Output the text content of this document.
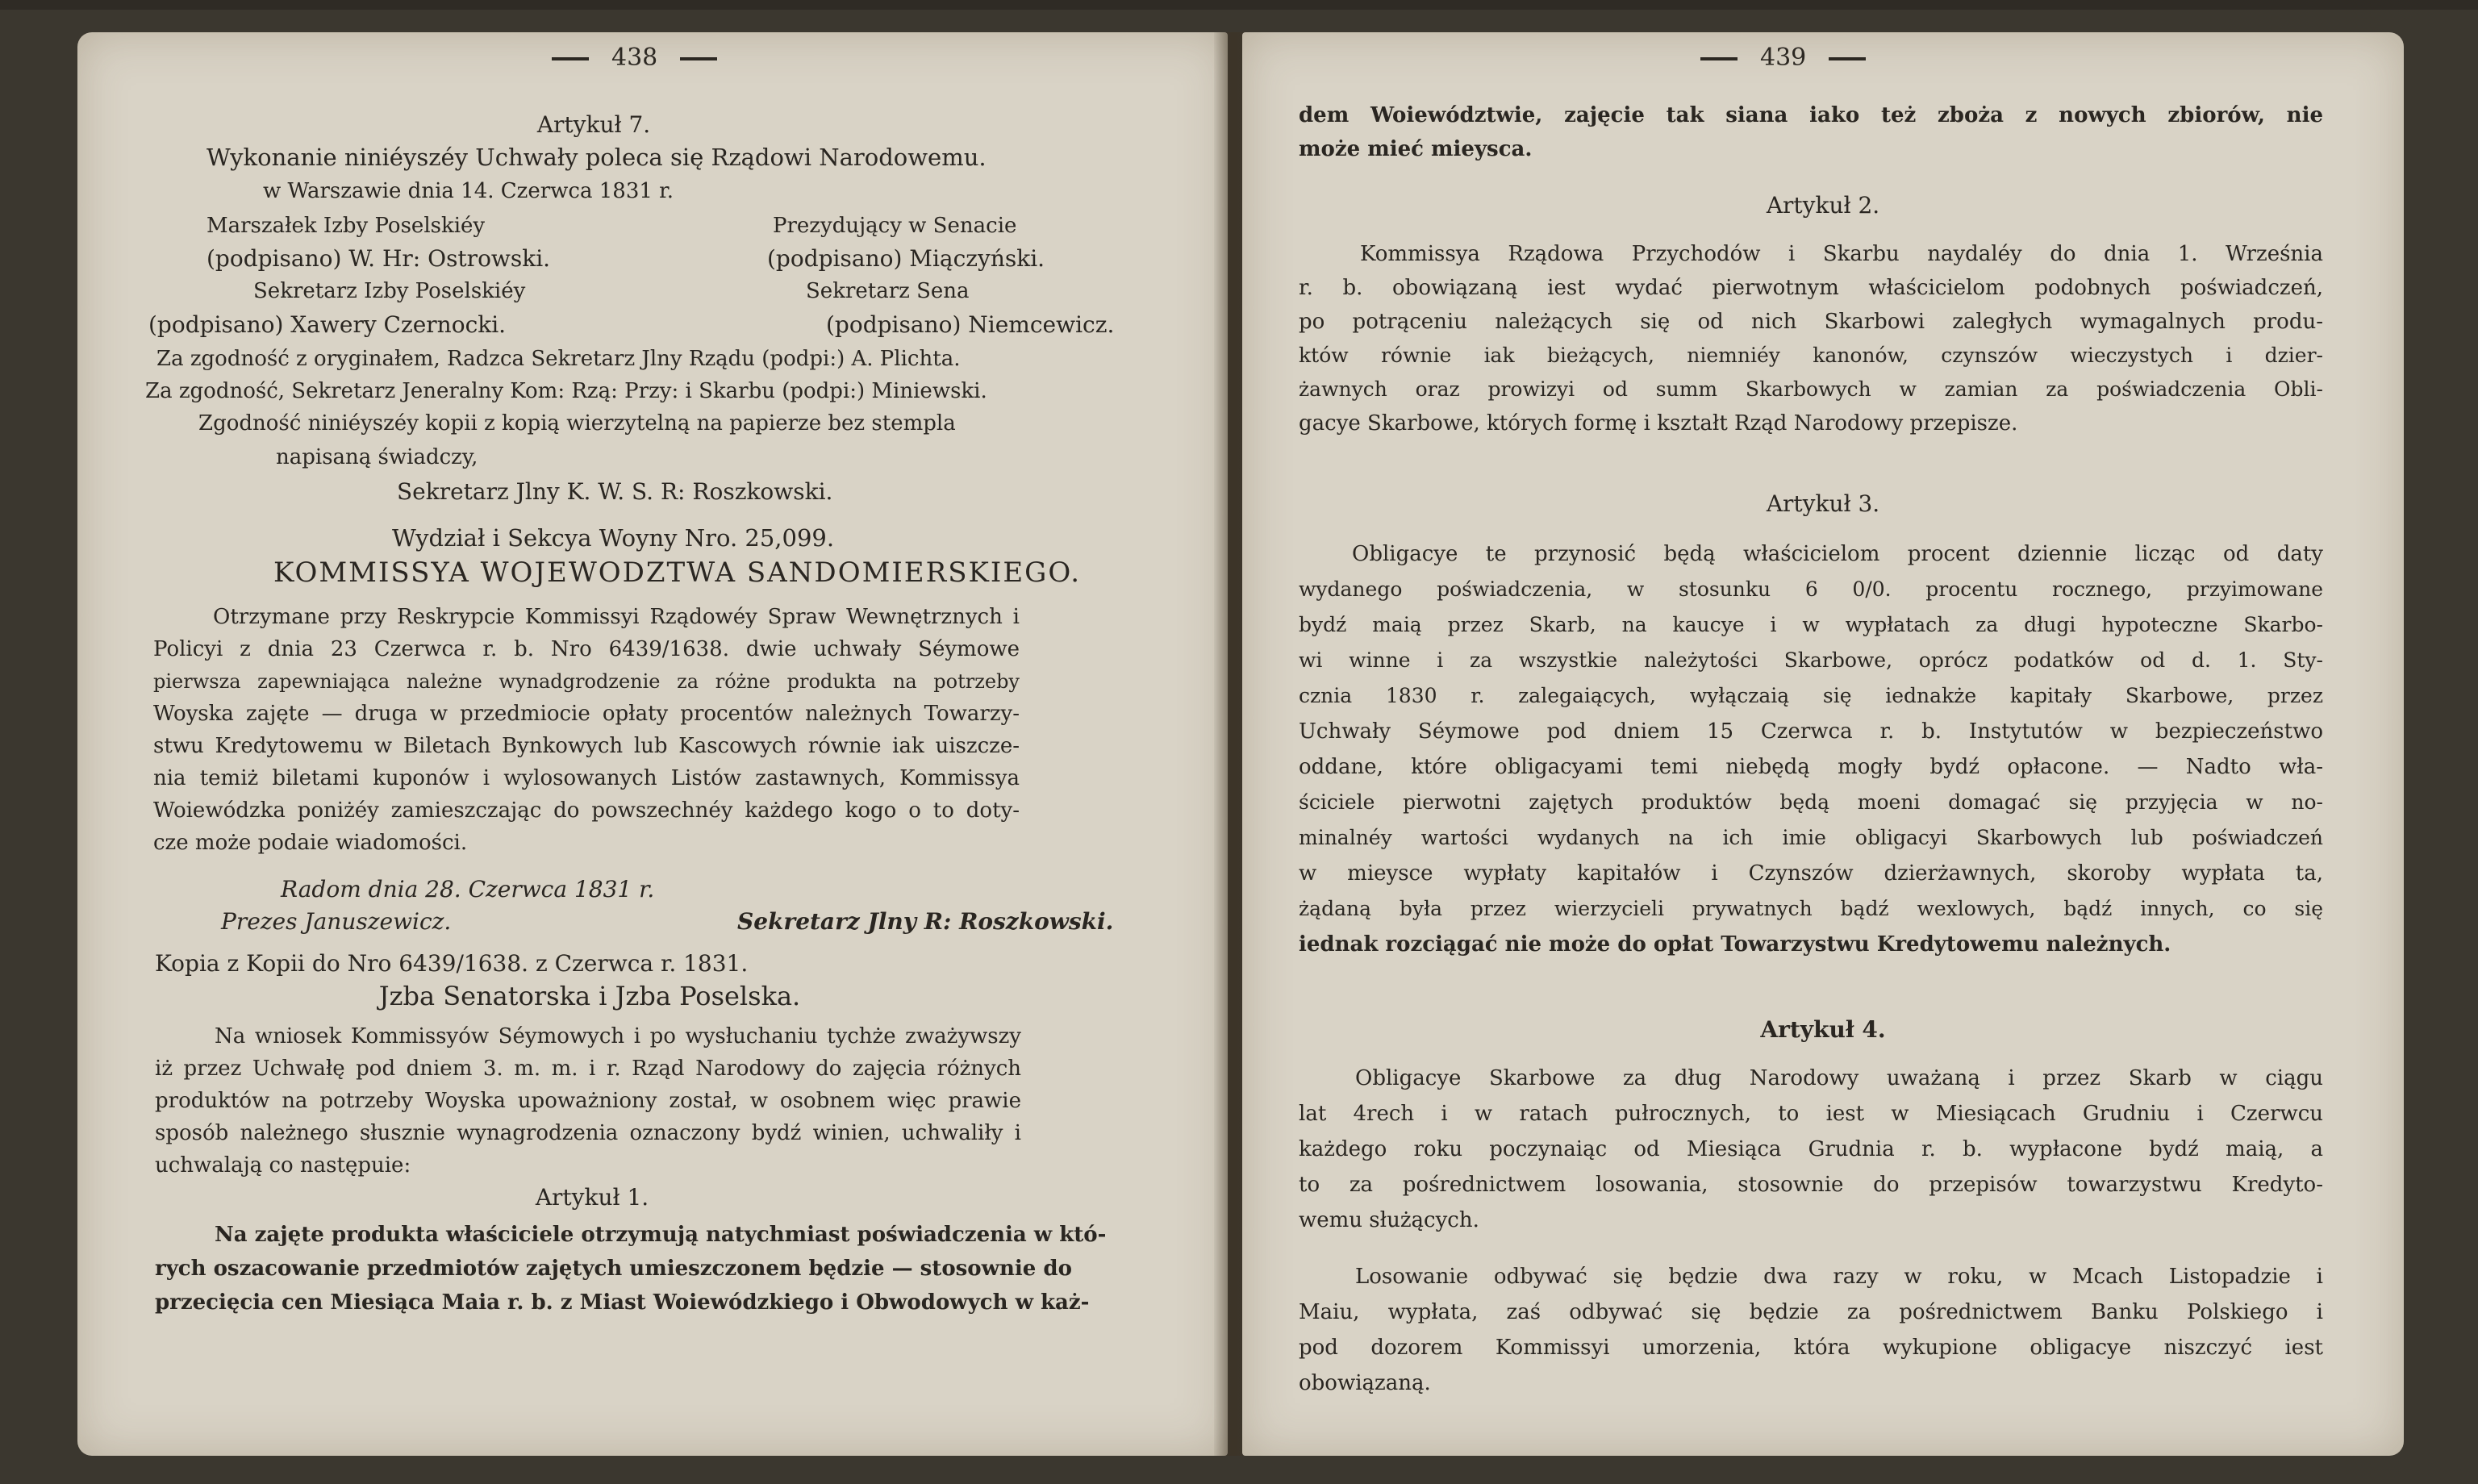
438
Artykuł 7.
Wykonanie niniéyszéy Uchwały poleca się Rządowi Narodowemu.
w Warszawie dnia 14. Czerwca 1831 r.
Marszałek Izby Poselskiéy	Prezydujący w Senacie
(podpisano) W. Hr: Ostrowski.	(podpisano) Miączyński.
Sekretarz Izby Poselskiéy	Sekretarz Sena
(podpisano) Xawery Czernocki.	(podpisano) Niemcewicz.
Za zgodność z oryginałem, Radzca Sekretarz Jlny Rządu (podpi:) A. Plichta.
Za zgodność, Sekretarz Jeneralny Kom: Rzą: Przy: i Skarbu (podpi:) Miniewski.
Zgodność niniéyszéy kopii z kopią wierzytelną na papierze bez stempla
napisaną świadczy,
Sekretarz Jlny K. W. S. R: Roszkowski.
Wydział i Sekcya Woyny Nro. 25,099.
KOMMISSYA WOJEWODZTWA SANDOMIERSKIEGO.
Otrzymane przy Reskrypcie Kommissyi Rządowéy Spraw Wewnętrznych i
Policyi z dnia 23 Czerwca r. b. Nro 6439/1638. dwie uchwały Séymowe
pierwsza zapewniająca należne wynadgrodzenie za różne produkta na potrzeby
Woyska zajęte — druga w przedmiocie opłaty procentów należnych Towarzy-
stwu Kredytowemu w Biletach Bynkowych lub Kascowych równie iak uiszcze-
nia temiż biletami kuponów i wylosowanych Listów zastawnych, Kommissya
Woiewódzka poniżéy zamieszczając do powszechnéy każdego kogo o to doty-
cze może podaie wiadomości.
Radom dnia 28. Czerwca 1831 r.
Prezes Januszewicz.	Sekretarz Jlny R: Roszkowski.
Kopia z Kopii do Nro 6439/1638. z Czerwca r. 1831.
Jzba Senatorska i Jzba Poselska.
Na wniosek Kommissyów Séymowych i po wysłuchaniu tychże zważywszy
iż przez Uchwałę pod dniem 3. m. m. i r. Rząd Narodowy do zajęcia różnych
produktów na potrzeby Woyska upoważniony został, w osobnem więc prawie
sposób należnego słusznie wynagrodzenia oznaczony bydź winien, uchwaliły i
uchwalają co następuie:
Artykuł 1.
Na zajęte produkta właściciele otrzymują natychmiast poświadczenia w któ-
rych oszacowanie przedmiotów zajętych umieszczonem będzie — stosownie do
przecięcia cen Miesiąca Maia r. b. z Miast Woiewódzkiego i Obwodowych w każ-
439
dem Woiewództwie, zajęcie tak siana iako też zboża z nowych zbiorów, nie
może mieć mieysca.
Artykuł 2.
Kommissya Rządowa Przychodów i Skarbu naydaléy do dnia 1. Września
r. b. obowiązaną iest wydać pierwotnym właścicielom podobnych poświadczeń,
po potrąceniu należących się od nich Skarbowi zaległych wymagalnych produ-
któw równie iak bieżących, niemniéy kanonów, czynszów wieczystych i dzier-
żawnych oraz prowizyi od summ Skarbowych w zamian za poświadczenia Obli-
gacye Skarbowe, których formę i kształt Rząd Narodowy przepisze.
Artykuł 3.
Obligacye te przynosić będą właścicielom procent dziennie licząc od daty
wydanego poświadczenia, w stosunku 6 0/0. procentu rocznego, przyimowane
bydź maią przez Skarb, na kaucye i w wypłatach za długi hypoteczne Skarbo-
wi winne i za wszystkie należytości Skarbowe, oprócz podatków od d. 1. Sty-
cznia 1830 r. zalegaiących, wyłączaią się iednakże kapitały Skarbowe, przez
Uchwały Séymowe pod dniem 15 Czerwca r. b. Instytutów w bezpieczeństwo
oddane, które obligacyami temi niebędą mogły bydź opłacone. — Nadto wła-
ściciele pierwotni zajętych produktów będą moeni domagać się przyjęcia w no-
minalnéy wartości wydanych na ich imie obligacyi Skarbowych lub poświadczeń
w mieysce wypłaty kapitałów i Czynszów dzierżawnych, skoroby wypłata ta,
żądaną była przez wierzycieli prywatnych bądź wexlowych, bądź innych, co się
iednak rozciągać nie może do opłat Towarzystwu Kredytowemu należnych.
Artykuł 4.
Obligacye Skarbowe za dług Narodowy uważaną i przez Skarb w ciągu
lat 4rech i w ratach pułrocznych, to iest w Miesiącach Grudniu i Czerwcu
każdego roku poczynaiąc od Miesiąca Grudnia r. b. wypłacone bydź maią, a
to za pośrednictwem losowania, stosownie do przepisów towarzystwu Kredyto-
wemu służących.
Losowanie odbywać się będzie dwa razy w roku, w Mcach Listopadzie i
Maiu, wypłata, zaś odbywać się będzie za pośrednictwem Banku Polskiego i
pod dozorem Kommissyi umorzenia, która wykupione obligacye niszczyć iest
obowiązaną.
